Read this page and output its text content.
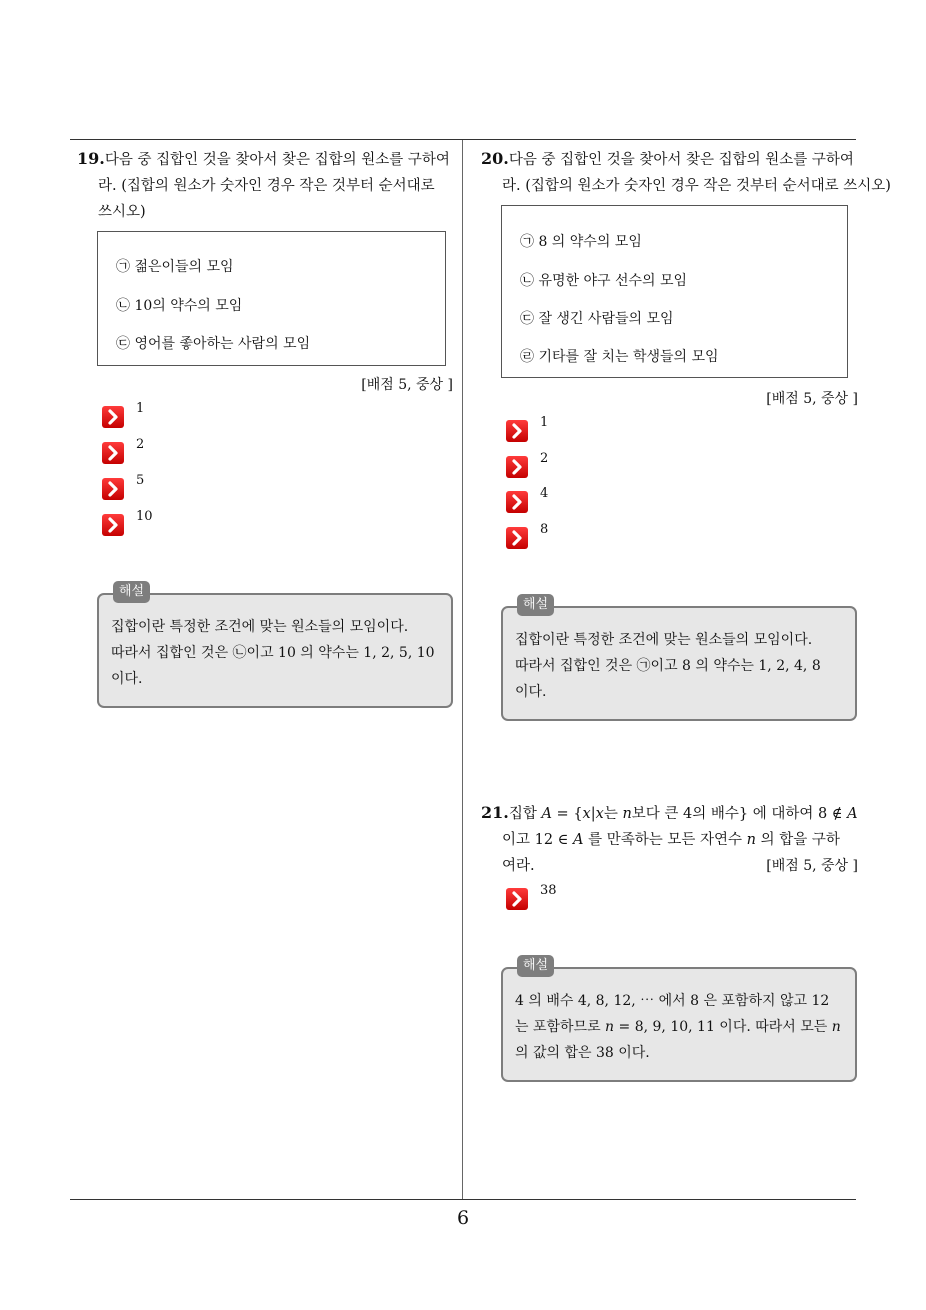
19.다음 중 집합인 것을 찾아서 찾은 집합의 원소를 구하여
라. (집합의 원소가 숫자인 경우 작은 것부터 순서대로
쓰시오)
㉠ 젊은이들의 모임
㉡ 10의 약수의 모임
㉢ 영어를 좋아하는 사람의 모임
[배점 5, 중상 ]
1
2
5
10
해설
집합이란 특정한 조건에 맞는 원소들의 모임이다.
따라서 집합인 것은 ㉡이고 10 의 약수는 1, 2, 5, 10
이다.
20.다음 중 집합인 것을 찾아서 찾은 집합의 원소를 구하여
라. (집합의 원소가 숫자인 경우 작은 것부터 순서대로 쓰시오)
㉠ 8 의 약수의 모임
㉡ 유명한 야구 선수의 모임
㉢ 잘 생긴 사람들의 모임
㉣ 기타를 잘 치는 학생들의 모임
[배점 5, 중상 ]
1
2
4
8
해설
집합이란 특정한 조건에 맞는 원소들의 모임이다.
따라서 집합인 것은 ㉠이고 8 의 약수는 1, 2, 4, 8
이다.
21.집합 A = {x|x는 n보다 큰 4의 배수} 에 대하여 8 ∉ A
이고 12 ∈ A 를 만족하는 모든 자연수 n 의 합을 구하
여라.	[배점 5, 중상 ]
38
해설
4 의 배수 4, 8, 12, ⋯ 에서 8 은 포함하지 않고 12
는 포함하므로 n = 8, 9, 10, 11 이다. 따라서 모든 n
의 값의 합은 38 이다.
6
